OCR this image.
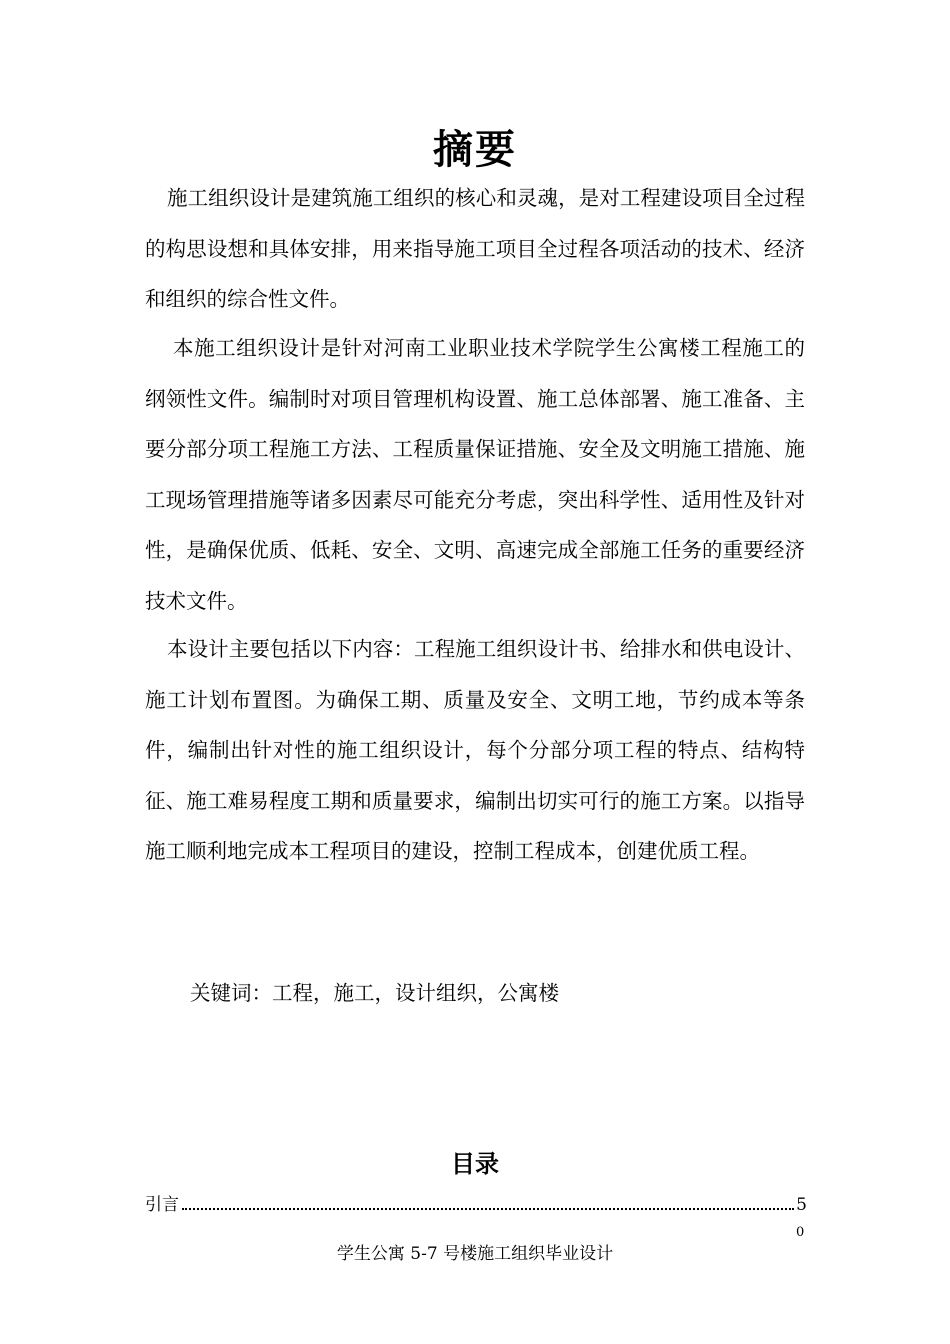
摘要
施工组织设计是建筑施工组织的核心和灵魂，是对工程建设项目全过程的构思设想和具体安排，用来指导施工项目全过程各项活动的技术、经济和组织的综合性文件。
本施工组织设计是针对河南工业职业技术学院学生公寓楼工程施工的纲领性文件。编制时对项目管理机构设置、施工总体部署、施工准备、主要分部分项工程施工方法、工程质量保证措施、安全及文明施工措施、施工现场管理措施等诸多因素尽可能充分考虑，突出科学性、适用性及针对性，是确保优质、低耗、安全、文明、高速完成全部施工任务的重要经济技术文件。
本设计主要包括以下内容：工程施工组织设计书、给排水和供电设计、施工计划布置图。为确保工期、质量及安全、文明工地，节约成本等条件，编制出针对性的施工组织设计，每个分部分项工程的特点、结构特征、施工难易程度工期和质量要求，编制出切实可行的施工方案。以指导施工顺利地完成本工程项目的建设，控制工程成本，创建优质工程。
关键词：工程，施工，设计组织，公寓楼
目录
引言	5
0
学生公寓 5-7 号楼施工组织毕业设计
